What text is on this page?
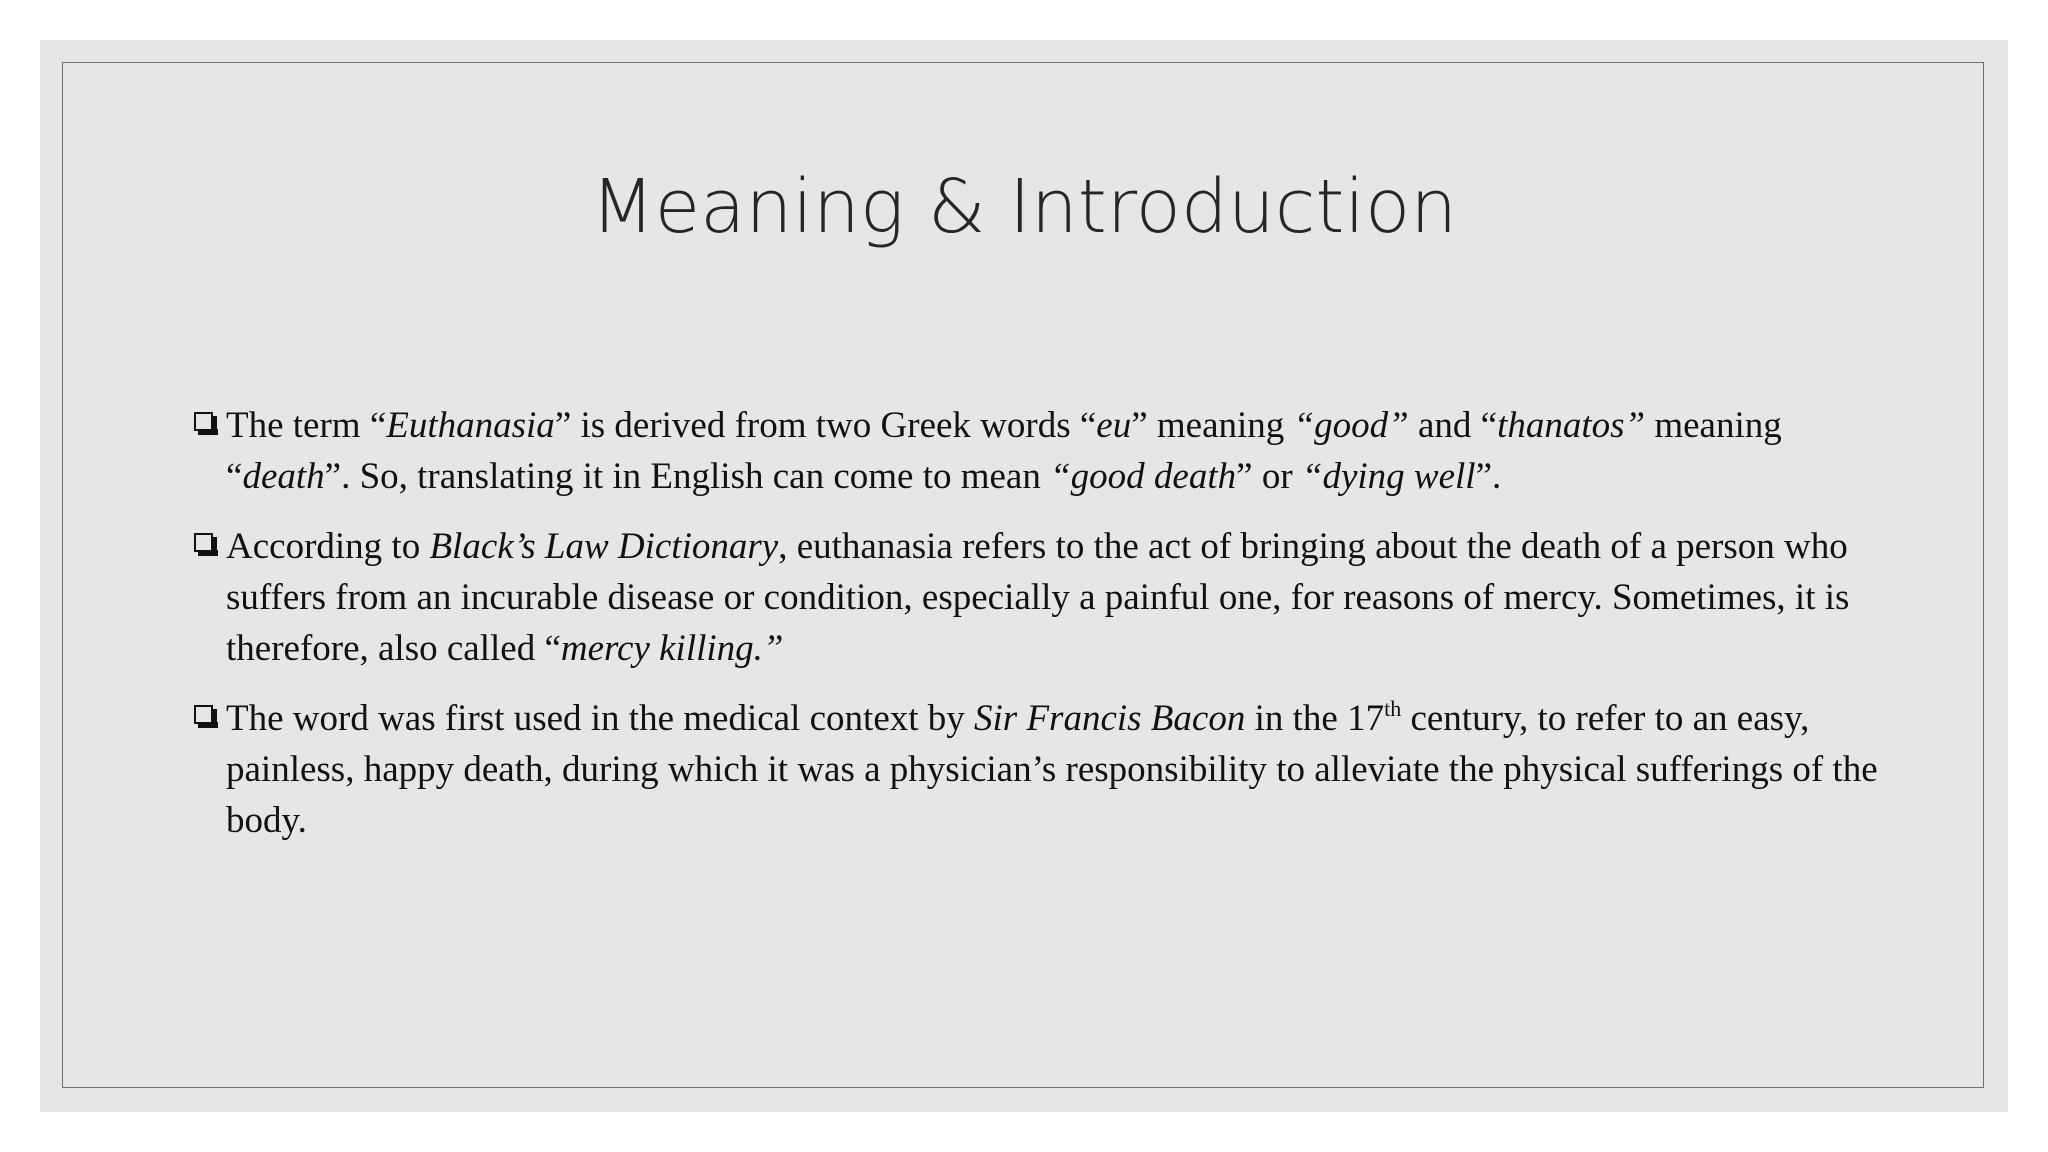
Meaning & Introduction
The term “Euthanasia” is derived from two Greek words “eu” meaning “good” and “thanatos” meaning “death”. So, translating it in English can come to mean “good death” or “dying well”.
According to Black’s Law Dictionary, euthanasia refers to the act of bringing about the death of a person who suffers from an incurable disease or condition, especially a painful one, for reasons of mercy. Sometimes, it is therefore, also called “mercy killing.”
The word was first used in the medical context by Sir Francis Bacon in the 17th century, to refer to an easy, painless, happy death, during which it was a physician’s responsibility to alleviate the physical sufferings of the body.
